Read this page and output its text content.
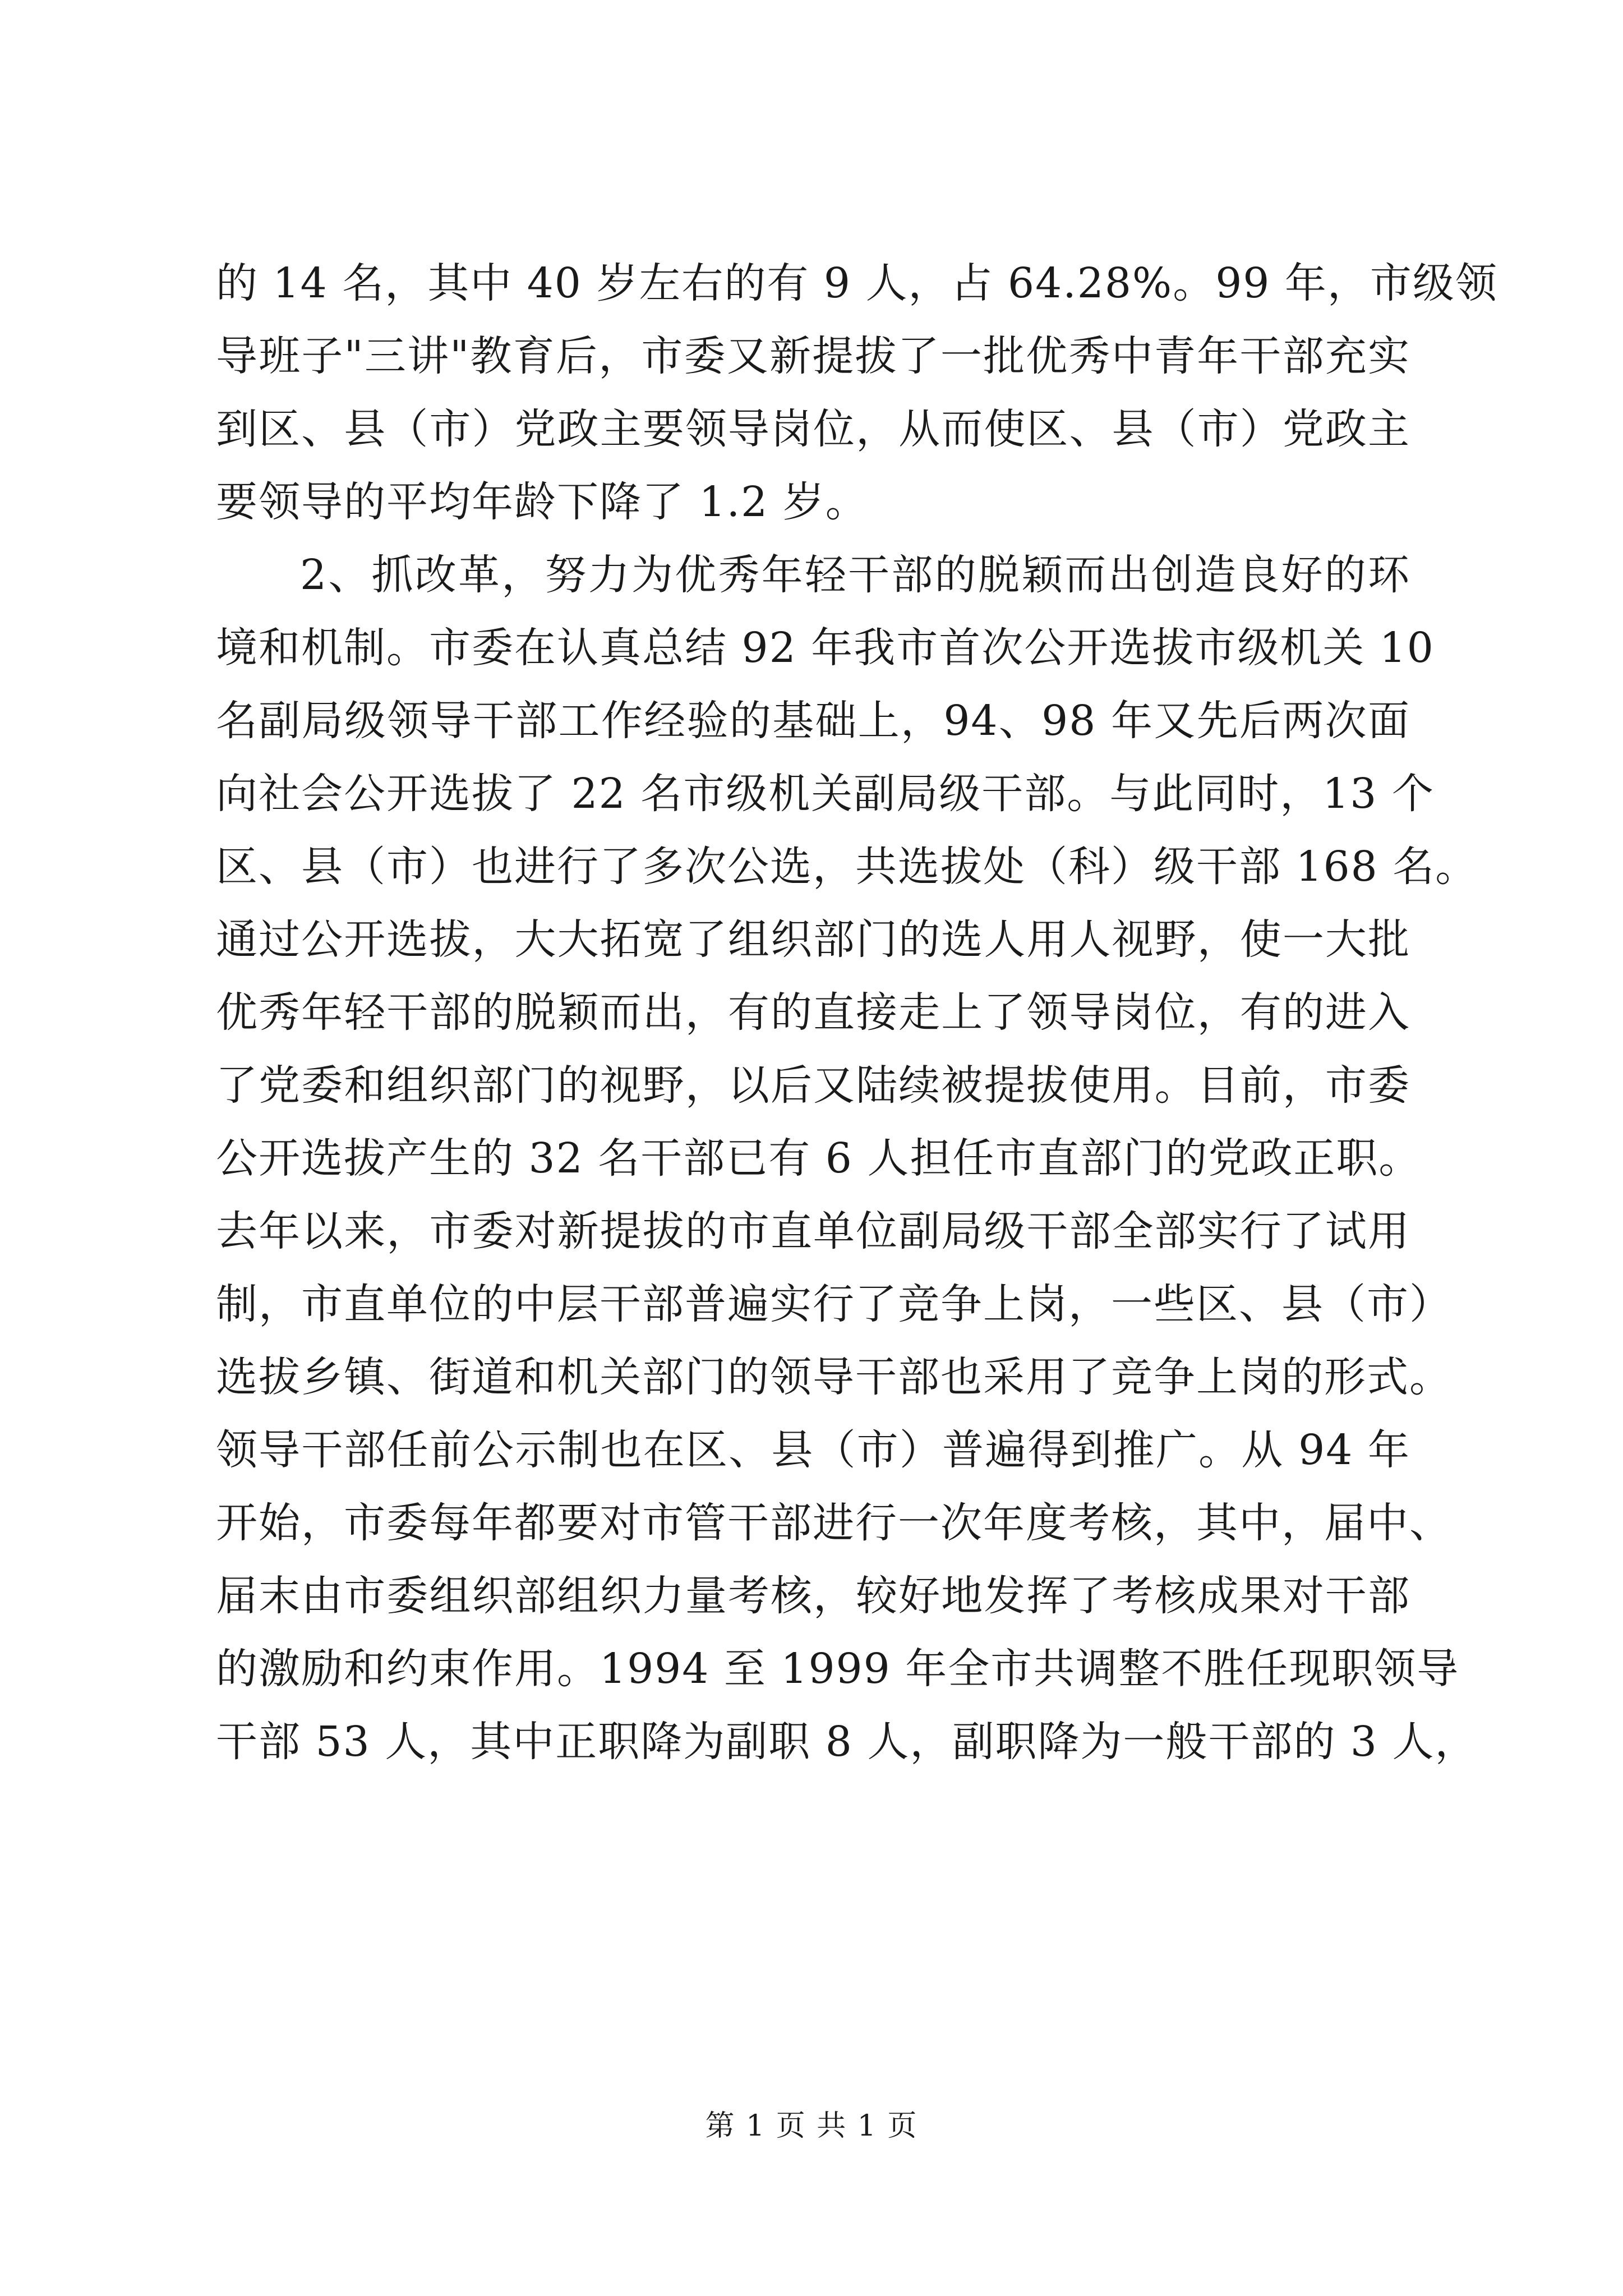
的 14 名，其中 40 岁左右的有 9 人，占 64.28%。99 年，市级领
导班子"三讲"教育后，市委又新提拔了一批优秀中青年干部充实
到区、县（市）党政主要领导岗位，从而使区、县（市）党政主
要领导的平均年龄下降了 1.2 岁。
2、抓改革，努力为优秀年轻干部的脱颖而出创造良好的环
境和机制。市委在认真总结 92 年我市首次公开选拔市级机关 10
名副局级领导干部工作经验的基础上，94、98 年又先后两次面
向社会公开选拔了 22 名市级机关副局级干部。与此同时，13 个
区、县（市）也进行了多次公选，共选拔处（科）级干部 168 名。
通过公开选拔，大大拓宽了组织部门的选人用人视野，使一大批
优秀年轻干部的脱颖而出，有的直接走上了领导岗位，有的进入
了党委和组织部门的视野，以后又陆续被提拔使用。目前，市委
公开选拔产生的 32 名干部已有 6 人担任市直部门的党政正职。
去年以来，市委对新提拔的市直单位副局级干部全部实行了试用
制，市直单位的中层干部普遍实行了竞争上岗，一些区、县（市）
选拔乡镇、街道和机关部门的领导干部也采用了竞争上岗的形式。
领导干部任前公示制也在区、县（市）普遍得到推广。从 94 年
开始，市委每年都要对市管干部进行一次年度考核，其中，届中、
届末由市委组织部组织力量考核，较好地发挥了考核成果对干部
的激励和约束作用。1994 至 1999 年全市共调整不胜任现职领导
干部 53 人，其中正职降为副职 8 人，副职降为一般干部的 3 人，
第 1 页 共 1 页
